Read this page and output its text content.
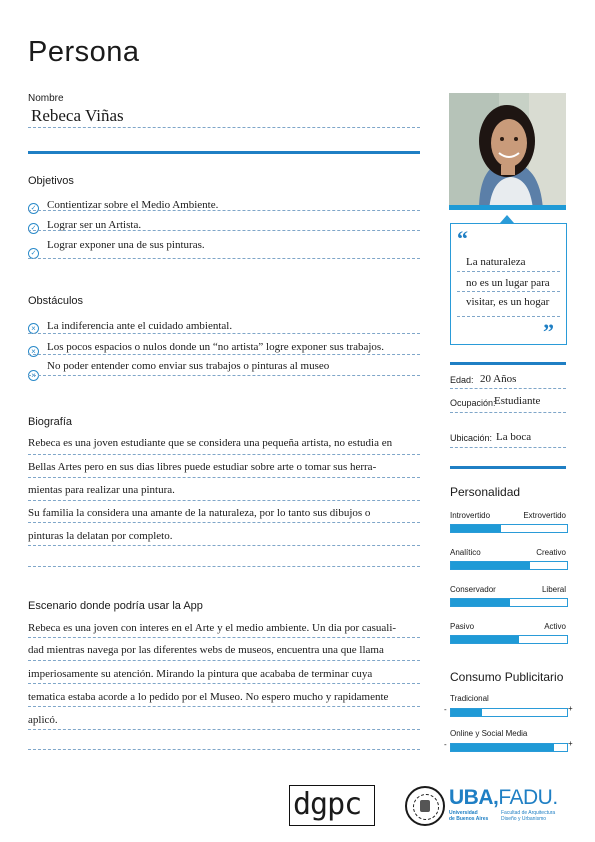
Persona
Nombre
Rebeca Viñas
Objetivos
✓ Contientizar sobre el Medio Ambiente.
✓ Lograr ser un Artista.
✓
Lograr exponer una de sus pinturas.
Obstáculos
× La indiferencia ante el cuidado ambiental.
× Los pocos espacios o nulos donde un “no artista” logre exponer sus trabajos.
×
No poder entender como enviar sus trabajos o pinturas al museo
Biografía
Rebeca es una joven estudiante que se considera una pequeña artista, no estudia en
Bellas Artes pero en sus dias libres puede estudiar sobre arte o tomar sus herra-
mientas para realizar una pintura.
Su familia la considera una amante de la naturaleza, por lo tanto sus dibujos o
pinturas la delatan por completo.
Escenario donde podría usar la App
Rebeca es una joven con interes en el Arte y el medio ambiente. Un dia por casuali-
dad mientras navega por las diferentes webs de museos, encuentra una que llama
imperiosamente su atención. Mirando la pintura que acababa de terminar cuya
tematica estaba acorde a lo pedido por el Museo. No espero mucho y rapidamente
aplicó.
“
La naturaleza
no es un lugar para
visitar, es un hogar
”
Edad: 20 Años
Ocupación:
Estudiante
Ubicación: La boca
Personalidad
Introvertido	Extrovertido
Analítico	Creativo
Conservador	Liberal
Pasivo	Activo
Consumo Publicitario
Tradicional
-	+
Online y Social Media
-	+
dgpc	UBA,FADU.
Universidad
de Buenos Aires
Facultad de Arquitectura
Diseño y Urbanismo
